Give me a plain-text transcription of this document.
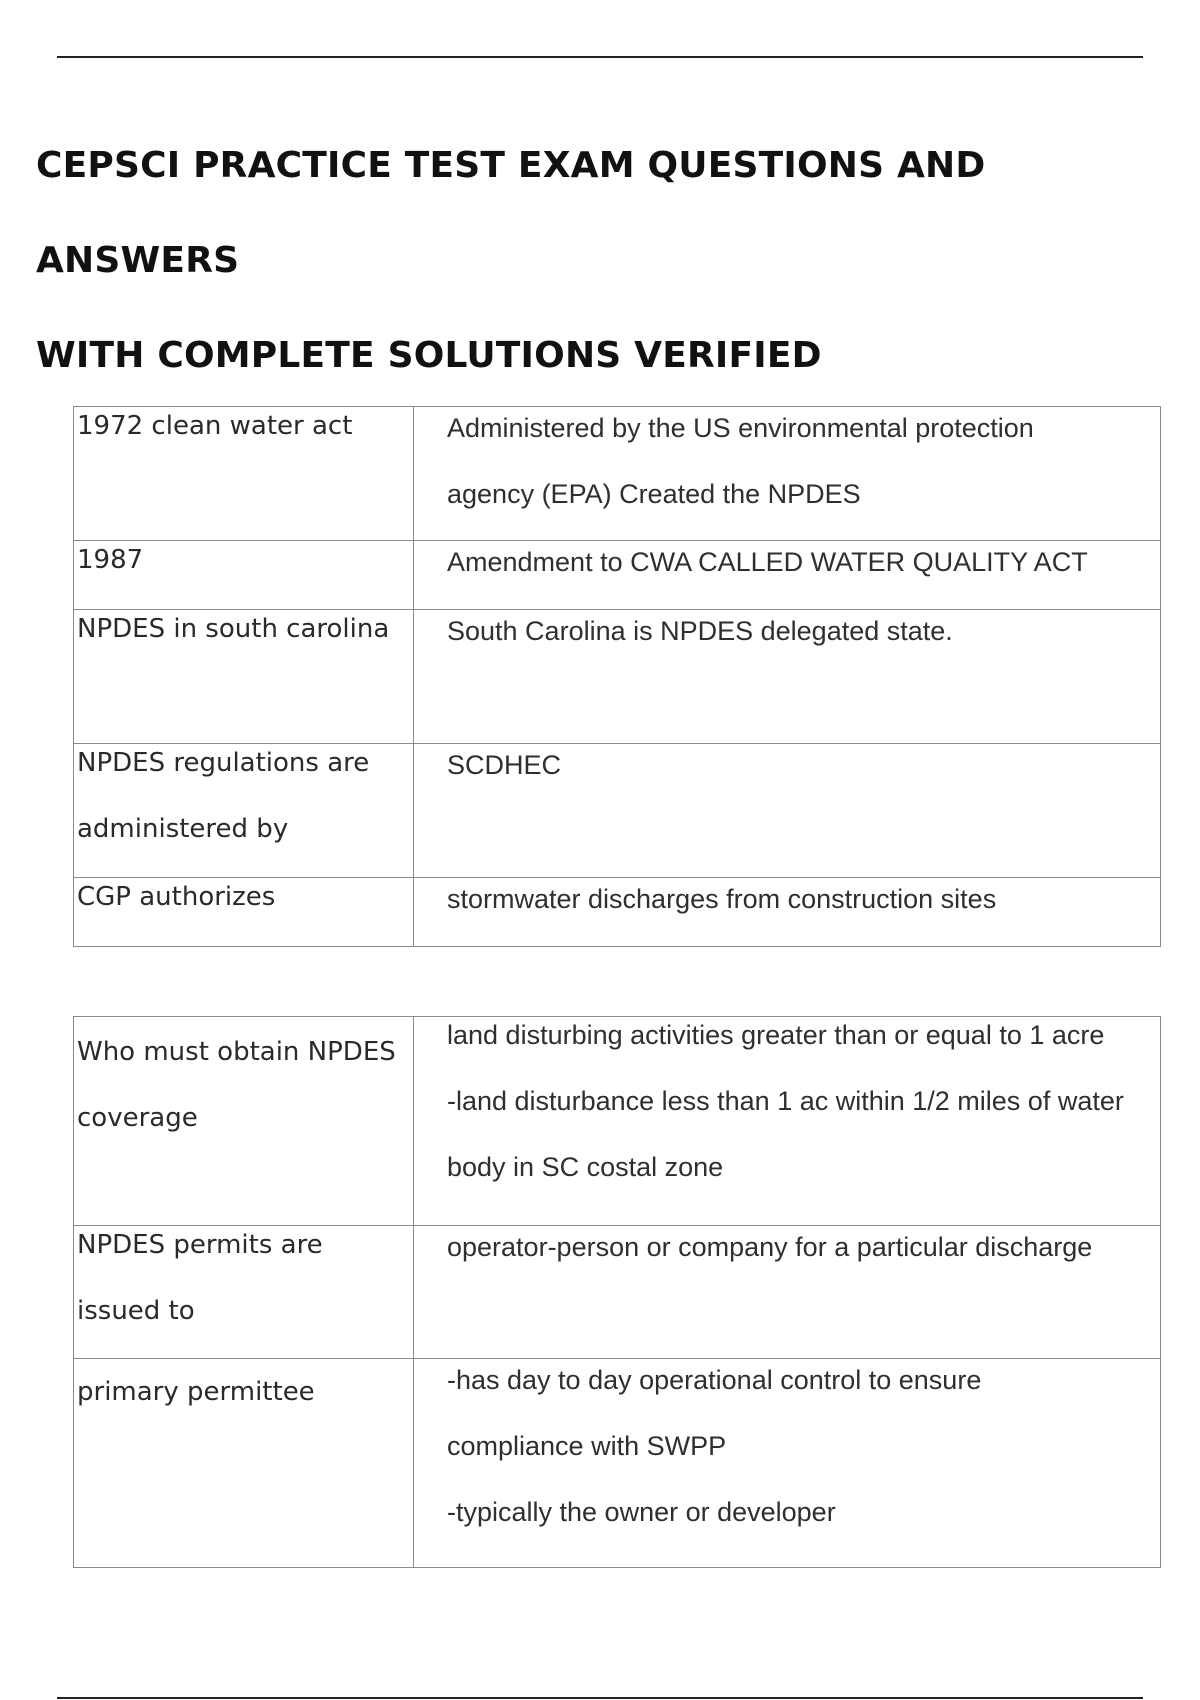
CEPSCI PRACTICE TEST EXAM QUESTIONS AND ANSWERS
WITH COMPLETE SOLUTIONS VERIFIED
1972 clean water act	Administered by the US environmental protection
agency (EPA) Created the NPDES

1987	Amendment to CWA CALLED WATER QUALITY ACT

NPDES in south carolina	South Carolina is NPDES delegated state.

NPDES regulations are administered by	SCDHEC

CGP authorizes	stormwater discharges from construction sites
Who must obtain NPDES coverage	land disturbing activities greater than or equal to 1 acre
-land disturbance less than 1 ac within 1/2 miles of water
body in SC costal zone

NPDES permits are issued to	operator-person or company for a particular discharge

primary permittee	-has day to day operational control to ensure
compliance with SWPP
-typically the owner or developer
